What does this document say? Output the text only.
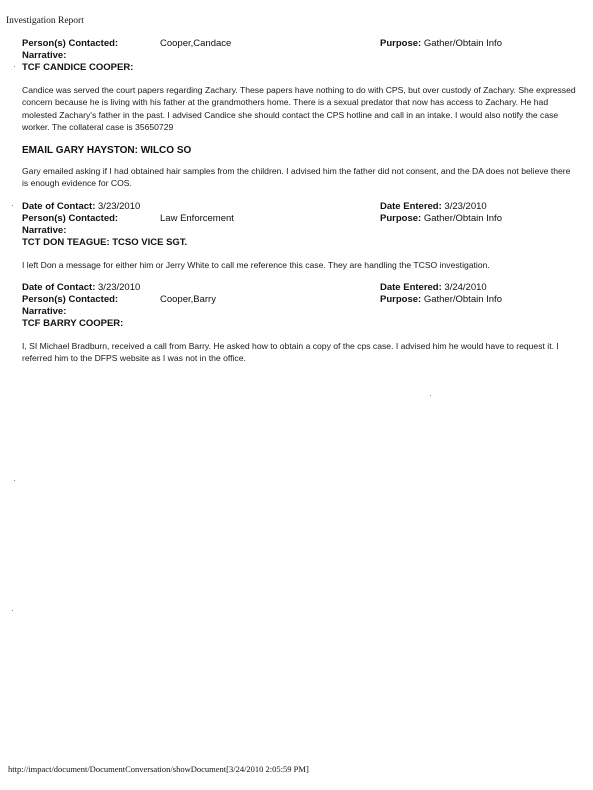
Investigation Report
Person(s) Contacted:	Cooper,Candace	Purpose: Gather/Obtain Info
Narrative:
TCF CANDICE COOPER:

Candice was served the court papers regarding Zachary. These papers have nothing to do with CPS, but over custody of Zachary. She expressed concern because he is living with his father at the grandmothers home. There is a sexual predator that now has access to Zachary. He had molested Zachary's father in the past. I advised Candice she should contact the CPS hotline and call in an intake. I would also notify the case worker. The collateral case is 35650729

EMAIL GARY HAYSTON: WILCO SO

Gary emailed asking if I had obtained hair samples from the children. I advised him the father did not consent, and the DA does not believe there is enough evidence for COS.

Date of Contact: 3/23/2010	Date Entered: 3/23/2010
Person(s) Contacted:	Law Enforcement	Purpose: Gather/Obtain Info
Narrative:
TCT DON TEAGUE: TCSO VICE SGT.

I left Don a message for either him or Jerry White to call me reference this case. They are handling the TCSO investigation.

Date of Contact: 3/23/2010	Date Entered: 3/24/2010
Person(s) Contacted:	Cooper,Barry	Purpose: Gather/Obtain Info
Narrative:
TCF BARRY COOPER:

I, SI Michael Bradburn, received a call from Barry. He asked how to obtain a copy of the cps case. I advised him he would have to request it. I referred him to the DFPS website as I was not in the office.

http://impact/document/DocumentConversation/showDocument[3/24/2010 2:05:59 PM]
